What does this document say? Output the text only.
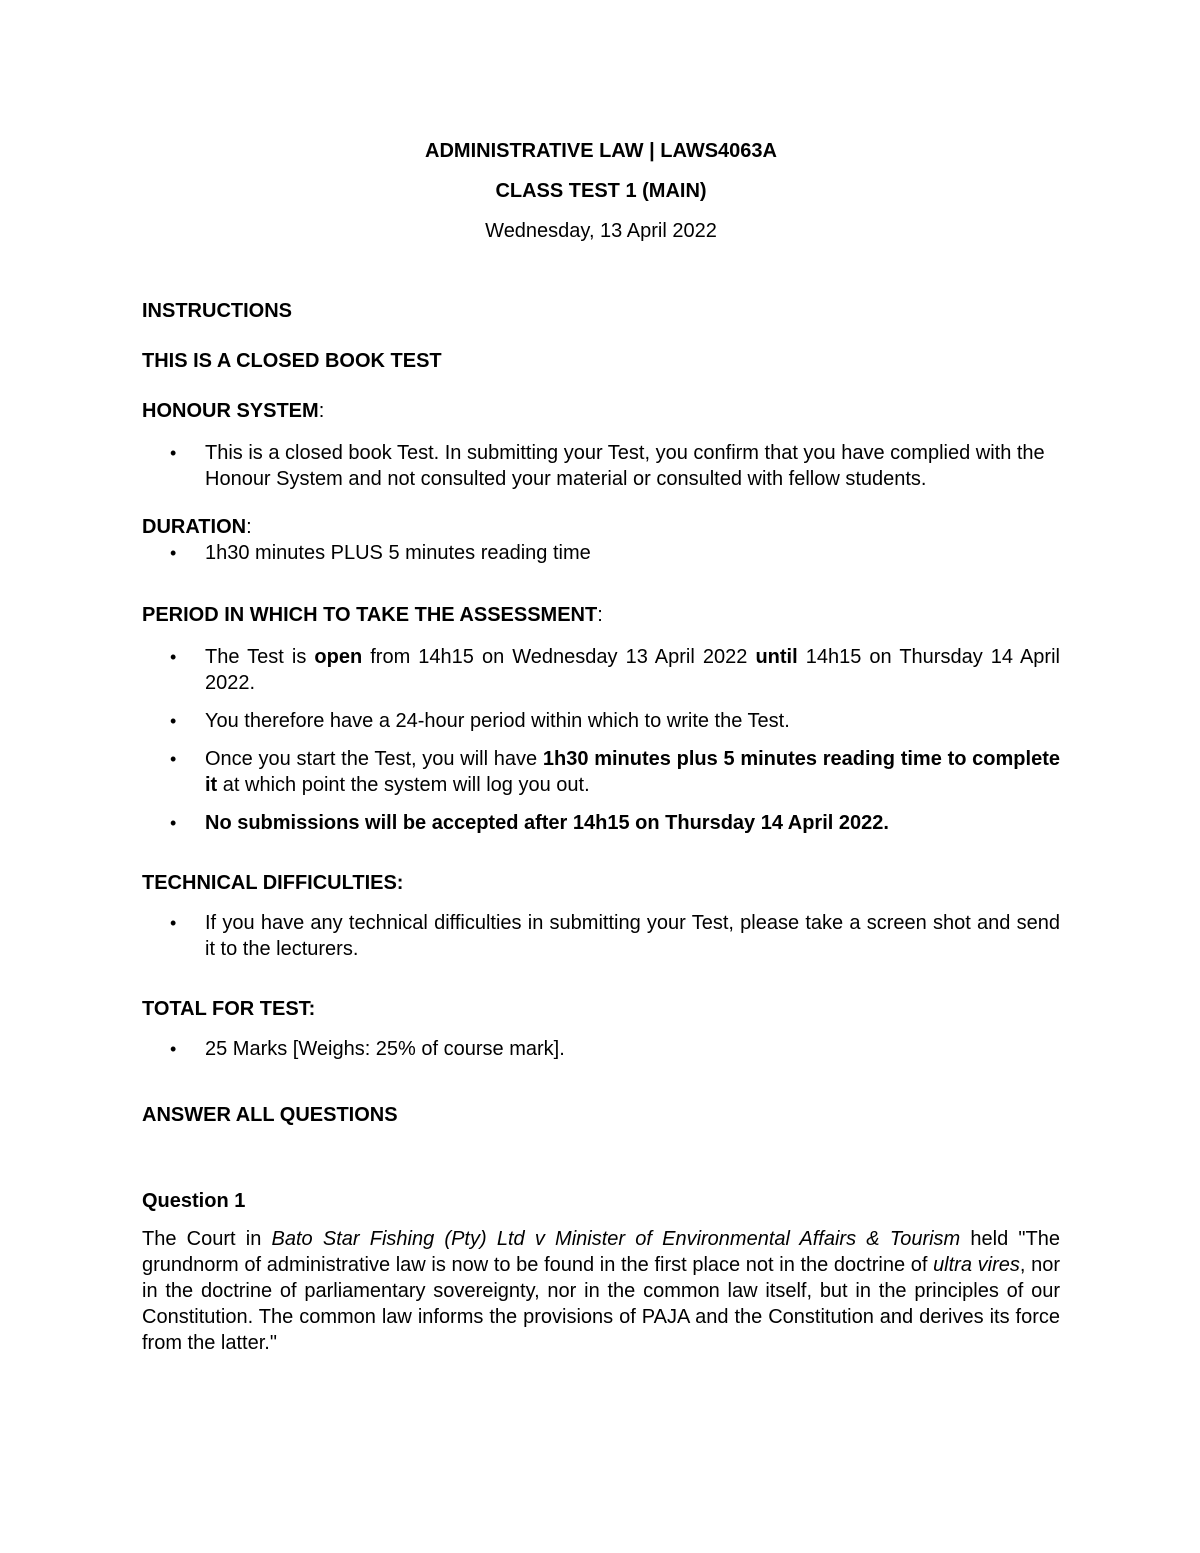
ADMINISTRATIVE LAW | LAWS4063A

CLASS TEST 1 (MAIN)

Wednesday, 13 April 2022

INSTRUCTIONS

THIS IS A CLOSED BOOK TEST

HONOUR SYSTEM:

• This is a closed book Test. In submitting your Test, you confirm that you have complied with the Honour System and not consulted your material or consulted with fellow students.

DURATION:

• 1h30 minutes PLUS 5 minutes reading time

PERIOD IN WHICH TO TAKE THE ASSESSMENT:

• The Test is open from 14h15 on Wednesday 13 April 2022 until 14h15 on Thursday 14 April 2022.
• You therefore have a 24-hour period within which to write the Test.
• Once you start the Test, you will have 1h30 minutes plus 5 minutes reading time to complete it at which point the system will log you out.
• No submissions will be accepted after 14h15 on Thursday 14 April 2022.

TECHNICAL DIFFICULTIES:

• If you have any technical difficulties in submitting your Test, please take a screen shot and send it to the lecturers.

TOTAL FOR TEST:

• 25 Marks [Weighs: 25% of course mark].

ANSWER ALL QUESTIONS

Question 1

The Court in Bato Star Fishing (Pty) Ltd v Minister of Environmental Affairs & Tourism held "The grundnorm of administrative law is now to be found in the first place not in the doctrine of ultra vires, nor in the doctrine of parliamentary sovereignty, nor in the common law itself, but in the principles of our Constitution. The common law informs the provisions of PAJA and the Constitution and derives its force from the latter."
